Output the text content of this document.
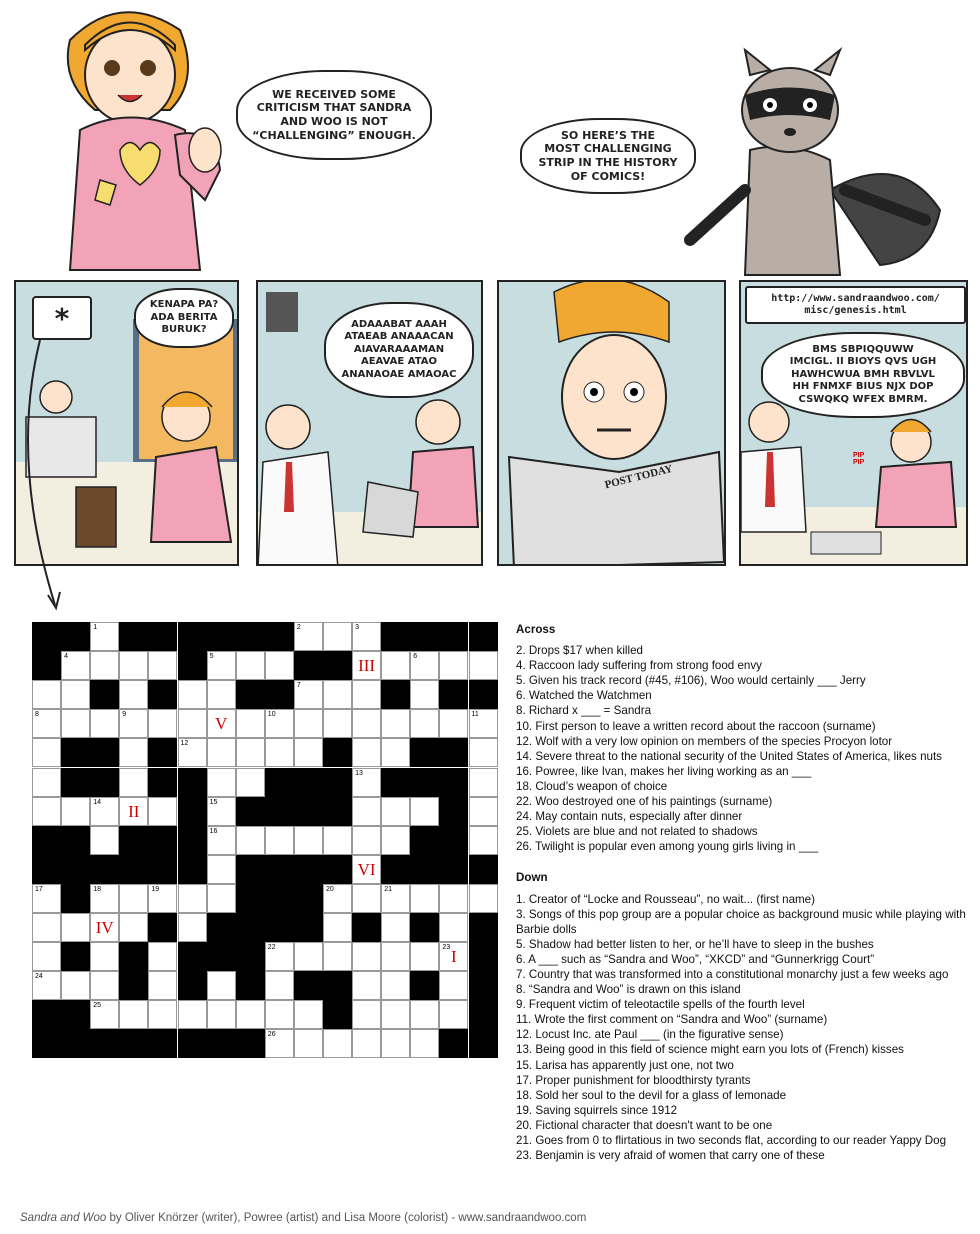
WE RECEIVED SOME
CRITICISM THAT SANDRA
AND WOO IS NOT
“CHALLENGING” ENOUGH.	SO HERE’S THE
MOST CHALLENGING
STRIP IN THE HISTORY
OF COMICS!
*	KENAPA PA?
ADA BERITA
BURUK?	ADAAABAT AAAH
ATAEAB ANAAACAN
AIAVARAAAMAN
AEAVAE ATAO
ANANAOAE AMAOAC
POST TODAY
http://www.sandraandwoo.com/
misc/genesis.html
BMS SBPIQQUWW
IMCIGL. II BIOYS QVS UGH
HAWHCWUA BMH RBVLVL
HH FNMXF BIUS NJX DOP
CSWQKQ WFEX BMRM.
PIP
PIP
1	2	3
4	5	III	6
7
8	9	V	10	11
12
13
14	II	15
16
VI
17	18	19	20	21
IV
22	23 I
24
25
26
Across
2. Drops $17 when killed
4. Raccoon lady suffering from strong food envy
5. Given his track record (#45, #106), Woo would certainly ___ Jerry
6. Watched the Watchmen
8. Richard x ___ = Sandra
10. First person to leave a written record about the raccoon (surname)
12. Wolf with a very low opinion on members of the species Procyon lotor
14. Severe threat to the national security of the United States of America, likes nuts
16. Powree, like Ivan, makes her living working as an ___
18. Cloud’s weapon of choice
22. Woo destroyed one of his paintings (surname)
24. May contain nuts, especially after dinner
25. Violets are blue and not related to shadows
26. Twilight is popular even among young girls living in ___
Down
1. Creator of “Locke and Rousseau”, no wait... (first name)
3. Songs of this pop group are a popular choice as background music while playing with Barbie dolls
5. Shadow had better listen to her, or he’ll have to sleep in the bushes
6. A ___ such as “Sandra and Woo”, “XKCD” and “Gunnerkrigg Court”
7. Country that was transformed into a constitutional monarchy just a few weeks ago
8. “Sandra and Woo” is drawn on this island
9. Frequent victim of teleotactile spells of the fourth level
11. Wrote the first comment on “Sandra and Woo” (surname)
12. Locust Inc. ate Paul ___ (in the figurative sense)
13. Being good in this field of science might earn you lots of (French) kisses
15. Larisa has apparently just one, not two
17. Proper punishment for bloodthirsty tyrants
18. Sold her soul to the devil for a glass of lemonade
19. Saving squirrels since 1912
20. Fictional character that doesn't want to be one
21. Goes from 0 to flirtatious in two seconds flat, according to our reader Yappy Dog
23. Benjamin is very afraid of women that carry one of these
Sandra and Woo by Oliver Knörzer (writer), Powree (artist) and Lisa Moore (colorist) - www.sandraandwoo.com
